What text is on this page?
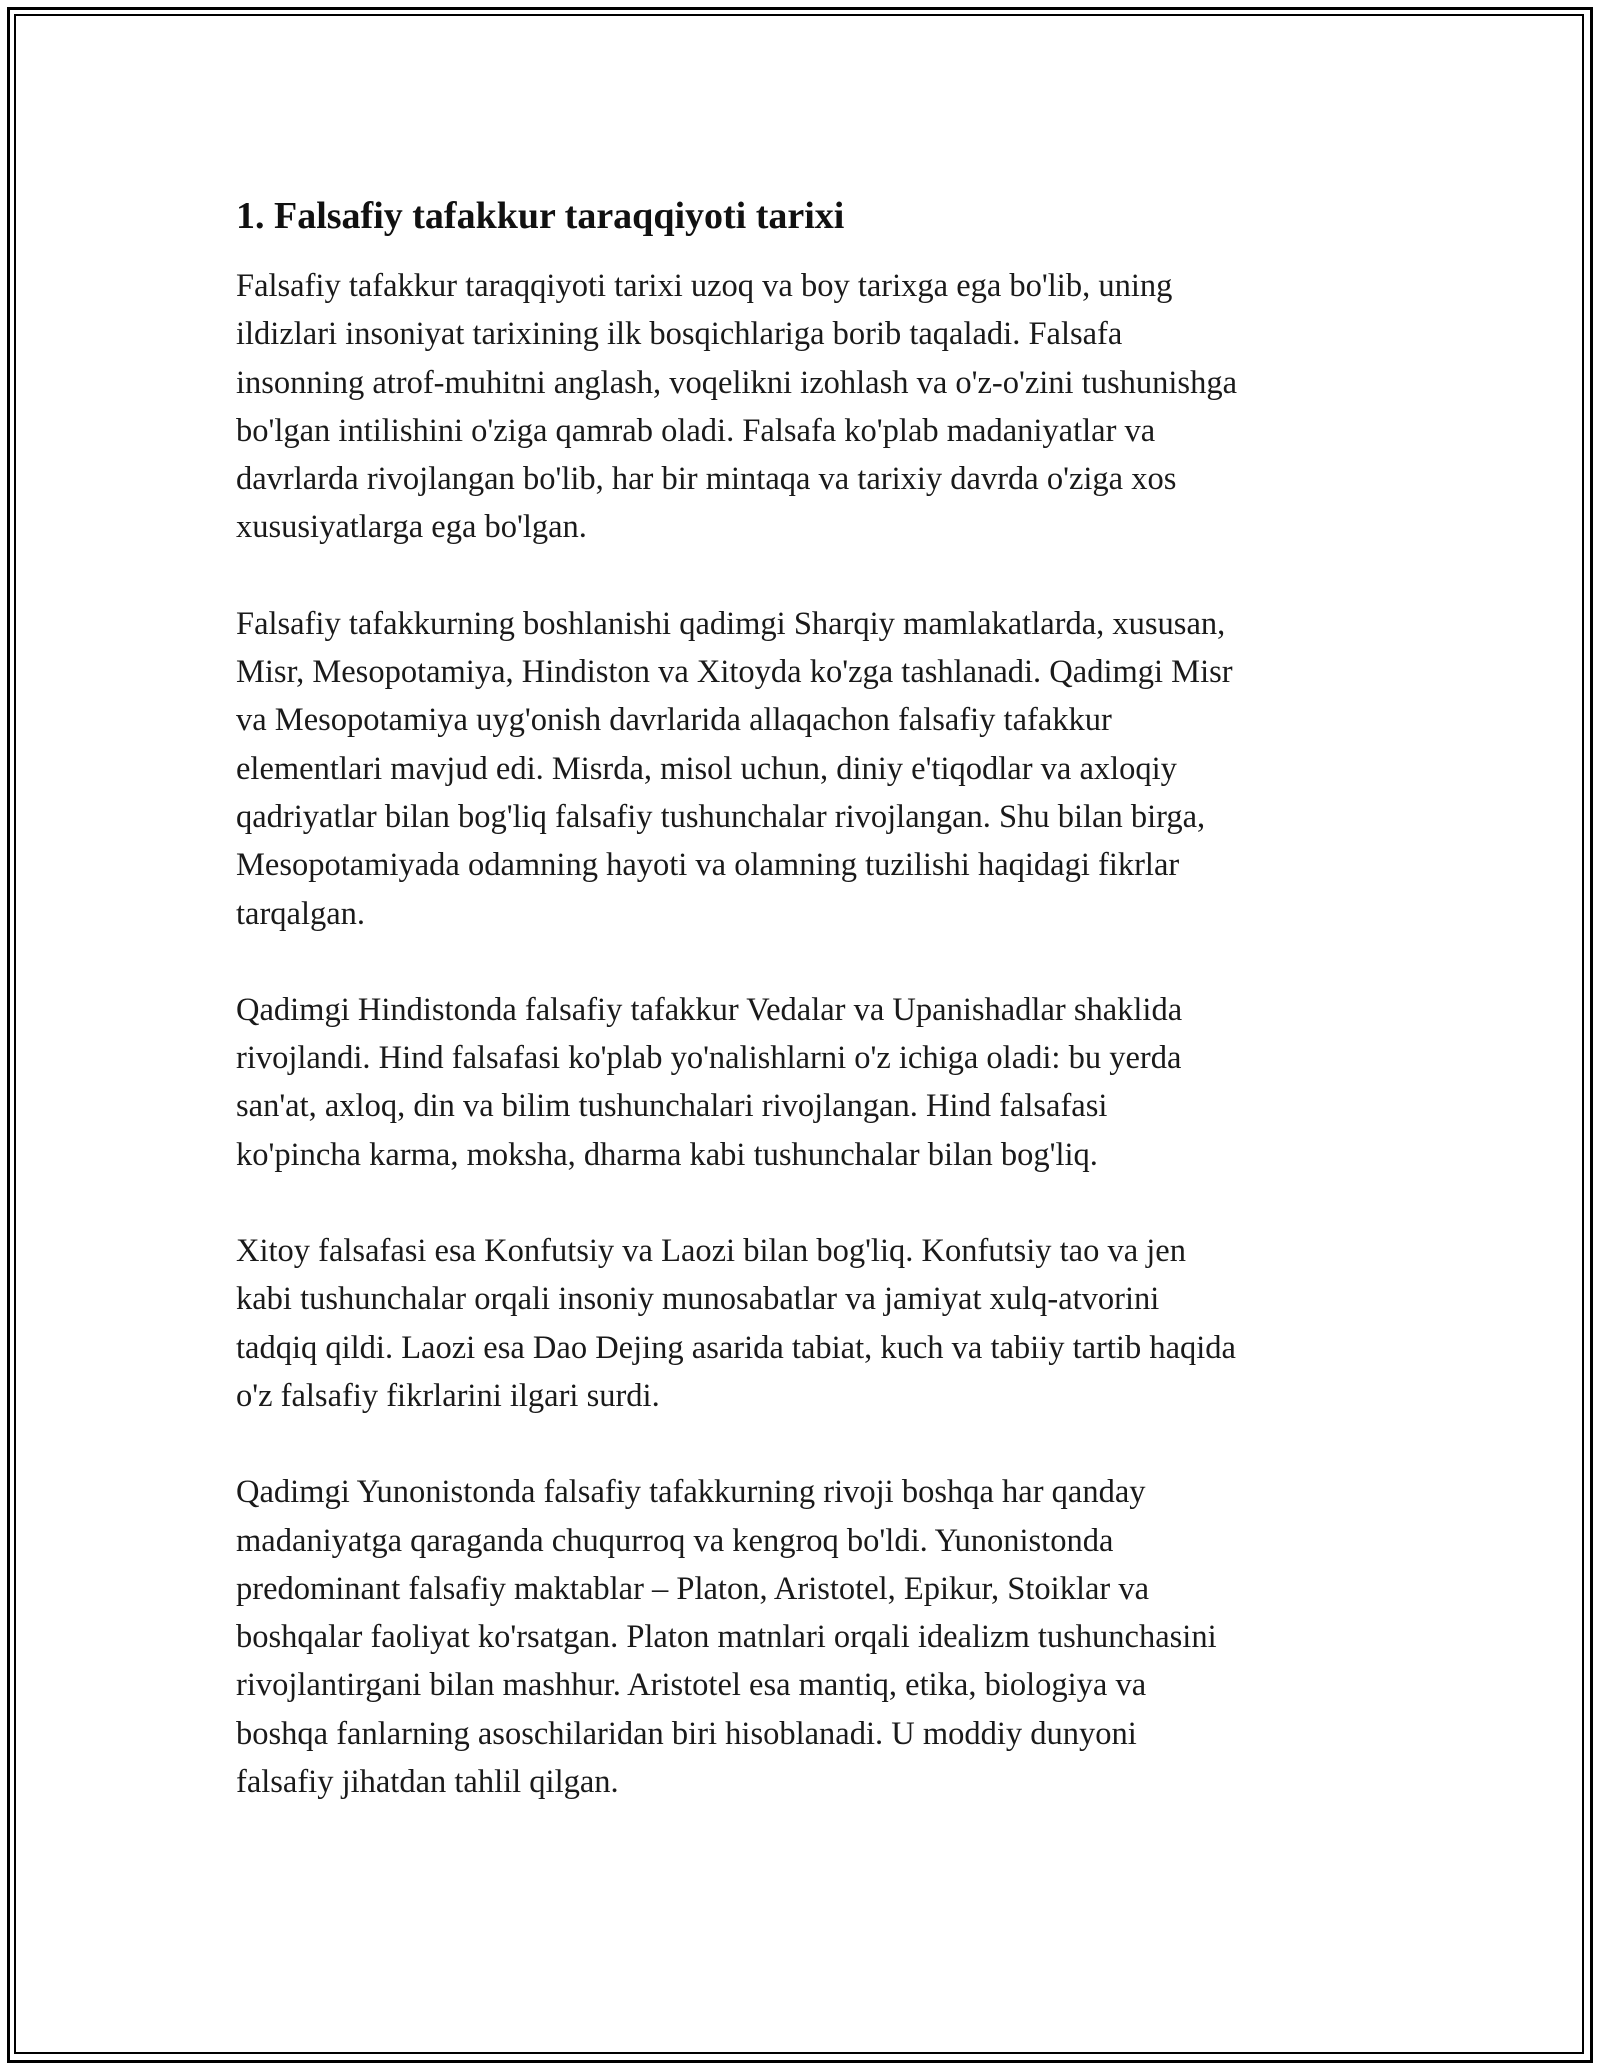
1. Falsafiy tafakkur taraqqiyoti tarixi

Falsafiy tafakkur taraqqiyoti tarixi uzoq va boy tarixga ega bo'lib, uning
ildizlari insoniyat tarixining ilk bosqichlariga borib taqaladi. Falsafa
insonning atrof-muhitni anglash, voqelikni izohlash va o'z-o'zini tushunishga
bo'lgan intilishini o'ziga qamrab oladi. Falsafa ko'plab madaniyatlar va
davrlarda rivojlangan bo'lib, har bir mintaqa va tarixiy davrda o'ziga xos
xususiyatlarga ega bo'lgan.

Falsafiy tafakkurning boshlanishi qadimgi Sharqiy mamlakatlarda, xususan,
Misr, Mesopotamiya, Hindiston va Xitoyda ko'zga tashlanadi. Qadimgi Misr
va Mesopotamiya uyg'onish davrlarida allaqachon falsafiy tafakkur
elementlari mavjud edi. Misrda, misol uchun, diniy e'tiqodlar va axloqiy
qadriyatlar bilan bog'liq falsafiy tushunchalar rivojlangan. Shu bilan birga,
Mesopotamiyada odamning hayoti va olamning tuzilishi haqidagi fikrlar
tarqalgan.

Qadimgi Hindistonda falsafiy tafakkur Vedalar va Upanishadlar shaklida
rivojlandi. Hind falsafasi ko'plab yo'nalishlarni o'z ichiga oladi: bu yerda
san'at, axloq, din va bilim tushunchalari rivojlangan. Hind falsafasi
ko'pincha karma, moksha, dharma kabi tushunchalar bilan bog'liq.

Xitoy falsafasi esa Konfutsiy va Laozi bilan bog'liq. Konfutsiy tao va jen
kabi tushunchalar orqali insoniy munosabatlar va jamiyat xulq-atvorini
tadqiq qildi. Laozi esa Dao Dejing asarida tabiat, kuch va tabiiy tartib haqida
o'z falsafiy fikrlarini ilgari surdi.

Qadimgi Yunonistonda falsafiy tafakkurning rivoji boshqa har qanday
madaniyatga qaraganda chuqurroq va kengroq bo'ldi. Yunonistonda
predominant falsafiy maktablar – Platon, Aristotel, Epikur, Stoiklar va
boshqalar faoliyat ko'rsatgan. Platon matnlari orqali idealizm tushunchasini
rivojlantirgani bilan mashhur. Aristotel esa mantiq, etika, biologiya va
boshqa fanlarning asoschilaridan biri hisoblanadi. U moddiy dunyoni
falsafiy jihatdan tahlil qilgan.
